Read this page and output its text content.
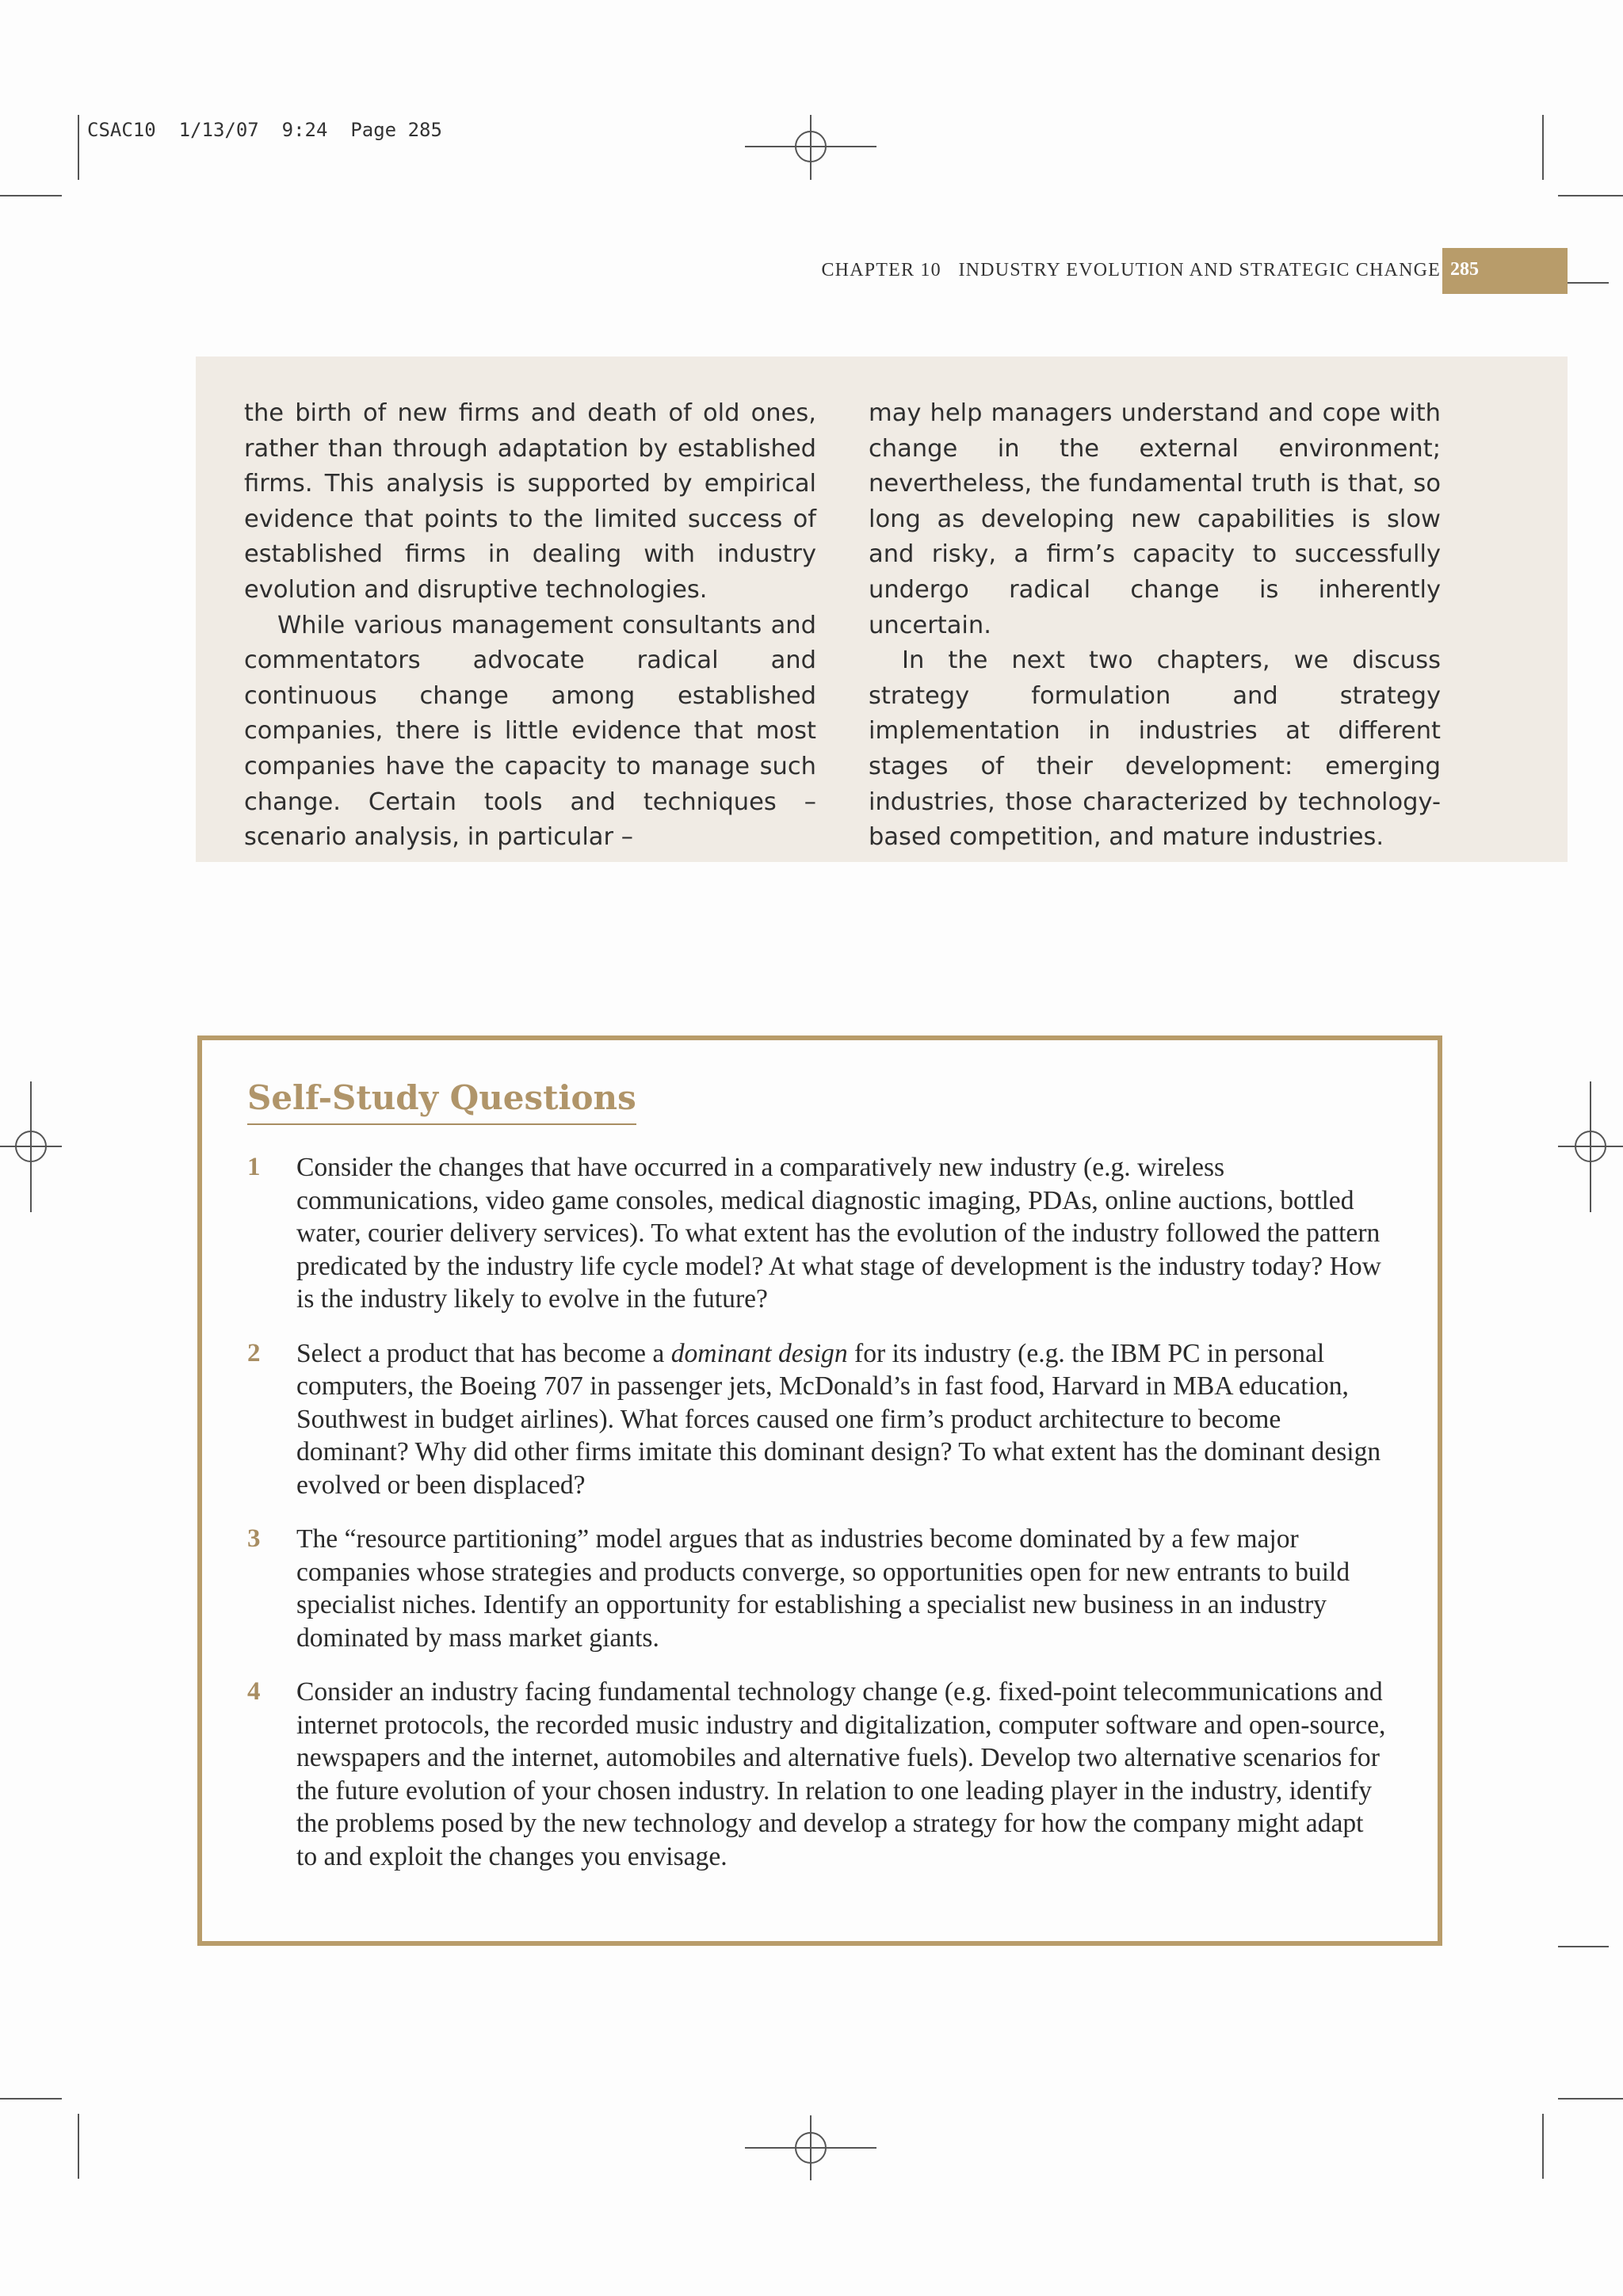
CSAC10  1/13/07  9:24  Page 285
CHAPTER 10 INDUSTRY EVOLUTION AND STRATEGIC CHANGE 285

the birth of new firms and death of old ones, rather than through adaptation by established firms. This analysis is supported by empirical evidence that points to the limited success of established firms in dealing with industry evolution and disruptive technologies.

While various management consultants and commentators advocate radical and continuous change among established companies, there is little evidence that most companies have the capacity to manage such change. Certain tools and techniques – scenario analysis, in particular –

may help managers understand and cope with change in the external environment; nevertheless, the fundamental truth is that, so long as developing new capabilities is slow and risky, a firm’s capacity to successfully undergo radical change is inherently uncertain.

In the next two chapters, we discuss strategy formulation and strategy implementation in industries at different stages of their development: emerging industries, those characterized by technology-based competition, and mature industries.

Self-Study Questions
1 Consider the changes that have occurred in a comparatively new industry (e.g. wireless communications, video game consoles, medical diagnostic imaging, PDAs, online auctions, bottled water, courier delivery services). To what extent has the evolution of the industry followed the pattern predicated by the industry life cycle model? At what stage of development is the industry today? How is the industry likely to evolve in the future?
2 Select a product that has become a dominant design for its industry (e.g. the IBM PC in personal computers, the Boeing 707 in passenger jets, McDonald’s in fast food, Harvard in MBA education, Southwest in budget airlines). What forces caused one firm’s product architecture to become dominant? Why did other firms imitate this dominant design? To what extent has the dominant design evolved or been displaced?
3 The “resource partitioning” model argues that as industries become dominated by a few major companies whose strategies and products converge, so opportunities open for new entrants to build specialist niches. Identify an opportunity for establishing a specialist new business in an industry dominated by mass market giants.
4 Consider an industry facing fundamental technology change (e.g. fixed-point telecommunications and internet protocols, the recorded music industry and digitalization, computer software and open-source, newspapers and the internet, automobiles and alternative fuels). Develop two alternative scenarios for the future evolution of your chosen industry. In relation to one leading player in the industry, identify the problems posed by the new technology and develop a strategy for how the company might adapt to and exploit the changes you envisage.
